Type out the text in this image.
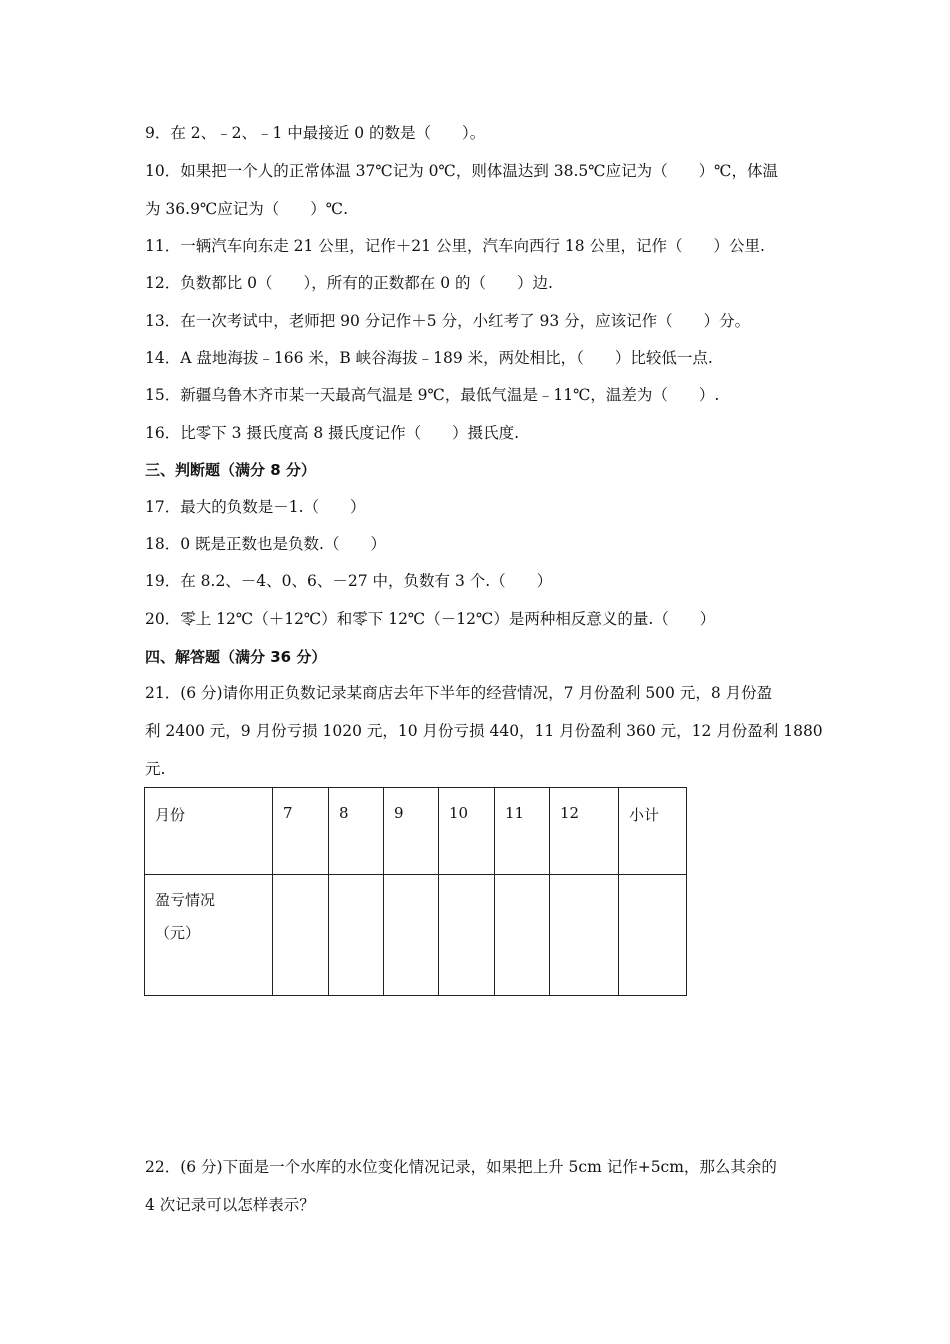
9．在 2、﹣2、﹣1 中最接近 0 的数是（　　）。
10．如果把一个人的正常体温 37℃记为 0℃，则体温达到 38.5℃应记为（　　）℃，体温
为 36.9℃应记为（　　）℃.
11．一辆汽车向东走 21 公里，记作＋21 公里，汽车向西行 18 公里，记作（　　）公里.
12．负数都比 0（　　），所有的正数都在 0 的（　　）边.
13．在一次考试中，老师把 90 分记作＋5 分，小红考了 93 分，应该记作（　　）分。
14．A 盘地海拔﹣166 米，B 峡谷海拔﹣189 米，两处相比，（　　）比较低一点.
15．新疆乌鲁木齐市某一天最高气温是 9℃，最低气温是﹣11℃，温差为（　　）.
16．比零下 3 摄氏度高 8 摄氏度记作（　　）摄氏度.
三、判断题（满分 8 分）
17．最大的负数是－1.（　　）
18．0 既是正数也是负数.（　　）
19．在 8.2、－4、0、6、－27 中，负数有 3 个.（　　）
20．零上 12℃（＋12℃）和零下 12℃（－12℃）是两种相反意义的量.（　　）
四、解答题（满分 36 分）
21．(6 分)请你用正负数记录某商店去年下半年的经营情况，7 月份盈利 500 元，8 月份盈
利 2400 元，9 月份亏损 1020 元，10 月份亏损 440，11 月份盈利 360 元，12 月份盈利 1880
元.
月份	7	8	9	10	11	12	小计
盈亏情况
（元）							

22．(6 分)下面是一个水库的水位变化情况记录，如果把上升 5cm 记作+5cm，那么其余的
4 次记录可以怎样表示？
